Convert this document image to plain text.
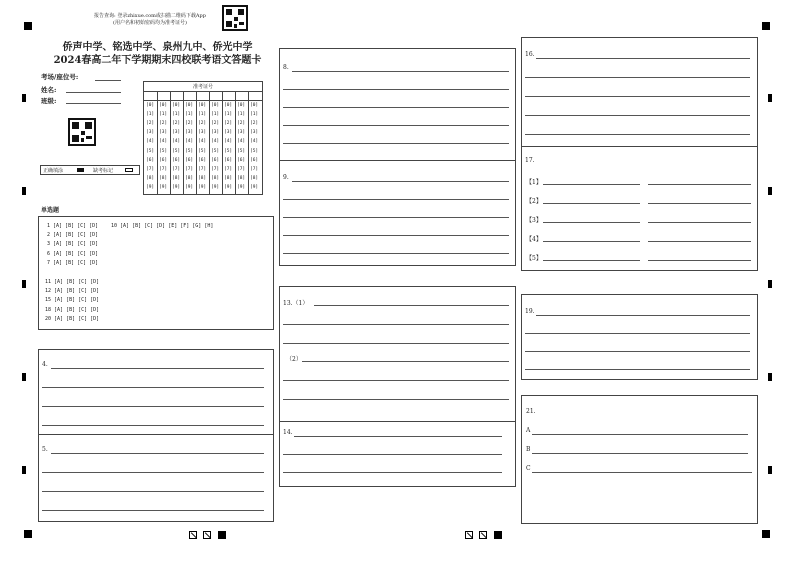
报告查询: 登录zhixue.com或扫描二维码下载App
(用户名和初始密码均为准考证号)
侨声中学、铭选中学、泉州九中、侨光中学
2024春高二年下学期期末四校联考语文答题卡
考场/座位号:
姓名:
班级:
准考证号
[0]
[1]
[2]
[3]
[4]
[5]
[6]
[7]
[8]
[9]
[0]
[1]
[2]
[3]
[4]
[5]
[6]
[7]
[8]
[9]
[0]
[1]
[2]
[3]
[4]
[5]
[6]
[7]
[8]
[9]
[0]
[1]
[2]
[3]
[4]
[5]
[6]
[7]
[8]
[9]
[0]
[1]
[2]
[3]
[4]
[5]
[6]
[7]
[8]
[9]
[0]
[1]
[2]
[3]
[4]
[5]
[6]
[7]
[8]
[9]
[0]
[1]
[2]
[3]
[4]
[5]
[6]
[7]
[8]
[9]
[0]
[1]
[2]
[3]
[4]
[5]
[6]
[7]
[8]
[9]
[0]
[1]
[2]
[3]
[4]
[5]
[6]
[7]
[8]
[9]
正确填涂	缺考标记
单选题
1 [A] [B] [C] [D]
2 [A] [B] [C] [D]
3 [A] [B] [C] [D]
6 [A] [B] [C] [D]
7 [A] [B] [C] [D]
10 [A] [B] [C] [D] [E] [F] [G] [H]
11 [A] [B] [C] [D]
12 [A] [B] [C] [D]
15 [A] [B] [C] [D]
18 [A] [B] [C] [D]
20 [A] [B] [C] [D]
4.
5.
8.
9.
13.（1）
（2）
14.
16.
17.
【1】
【2】
【3】
【4】
【5】
19.
21.
A
B
C
